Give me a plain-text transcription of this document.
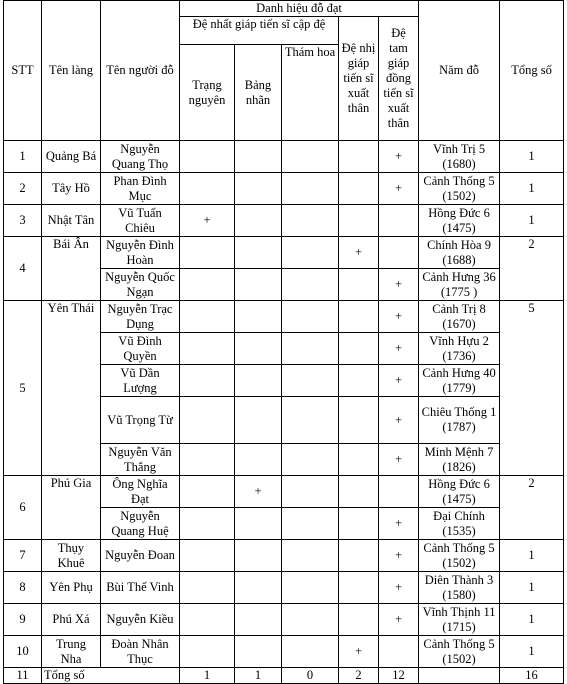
STT	Tên làng	Tên người đỗ	Danh hiệu đỗ đạt					Năm đỗ	Tổng số
			Đệ nhất giáp tiến sĩ cập đệ			Đệ nhị giáp tiến sĩ xuất thân	Đệ tam giáp đồng tiến sĩ xuất thân		
			Trạng nguyên	Bảng nhãn	Thám hoa				
1	Quảng Bá	Nguyễn Quang Thọ					+	Vĩnh Trị 5 (1680)	1
2	Tây Hồ	Phan Đình Mục					+	Cảnh Thống 5 (1502)	1
3	Nhật Tân	Vũ Tuấn Chiêu	+					Hồng Đức 6 (1475)	1
4	Bái Ân	Nguyễn Đình Hoàn				+		Chính Hòa 9 (1688)	2
		Nguyễn Quốc Ngạn					+	Cảnh Hưng 36 (1775 )	
5	Yên Thái	Nguyễn Trạc Dụng					+	Cảnh Trị 8 (1670)	5
		Vũ Đình Quyền					+	Vĩnh Hựu 2 (1736)	
		Vũ Dần Lượng					+	Cảnh Hưng 40 (1779)	
		Vũ Trọng Từ					+	Chiêu Thống 1 (1787)	
		Nguyễn Văn Thắng					+	Minh Mệnh 7 (1826)	
6	Phú Gia	Ông Nghĩa Đạt		+				Hồng Đức 6 (1475)	2
		Nguyễn Quang Huệ					+	Đại Chính (1535)	
7	Thụy Khuê	Nguyễn Đoan					+	Cảnh Thống 5 (1502)	1
8	Yên Phụ	Bùi Thế Vinh					+	Diên Thành 3 (1580)	1
9	Phú Xá	Nguyễn Kiều					+	Vĩnh Thịnh 11 (1715)	1
10	Trung Nha	Đoàn Nhân Thục				+		Cảnh Thống 5 (1502)	1
11	Tổng số		1	1	0	2	12		16
